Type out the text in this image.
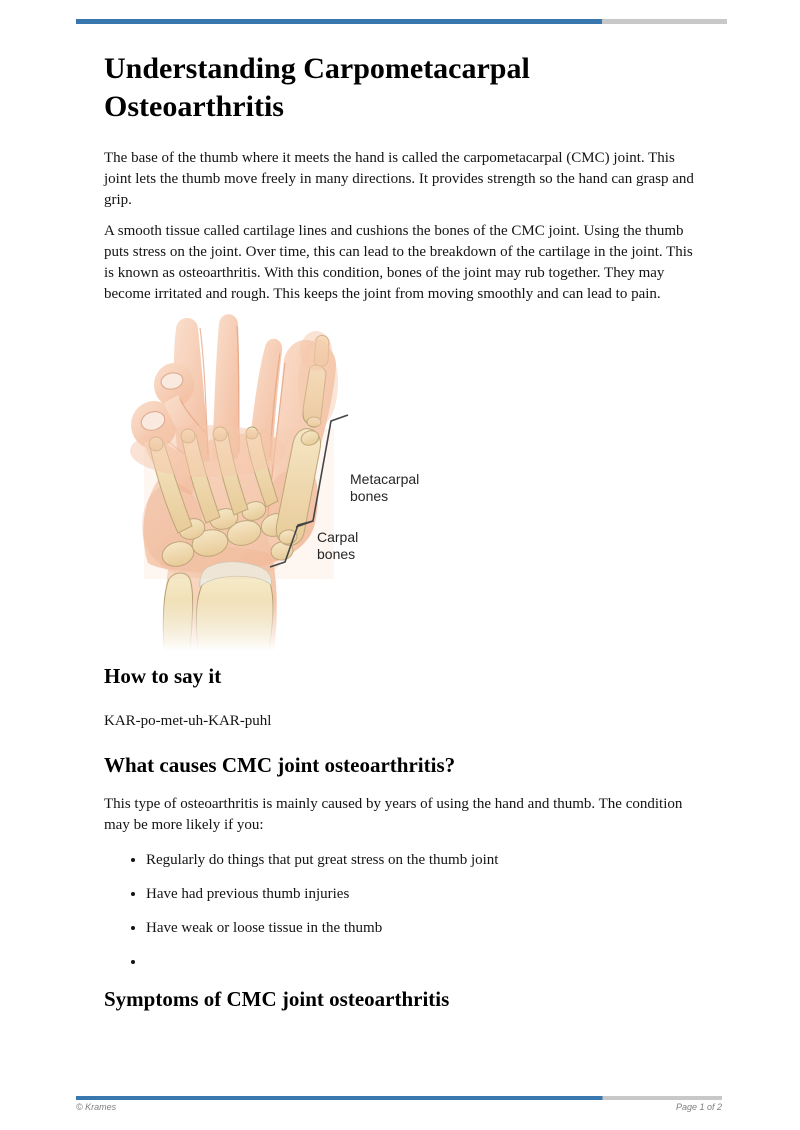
Understanding Carpometacarpal Osteoarthritis

The base of the thumb where it meets the hand is called the carpometacarpal (CMC) joint. This joint lets the thumb move freely in many directions. It provides strength so the hand can grasp and grip.

A smooth tissue called cartilage lines and cushions the bones of the CMC joint. Using the thumb puts stress on the joint. Over time, this can lead to the breakdown of the cartilage in the joint. This is known as osteoarthritis. With this condition, bones of the joint may rub together. They may become irritated and rough. This keeps the joint from moving smoothly and can lead to pain.

Metacarpal bones
Carpal bones
How to say it

KAR-po-met-uh-KAR-puhl

What causes CMC joint osteoarthritis?

This type of osteoarthritis is mainly caused by years of using the hand and thumb. The condition may be more likely if you:

• Regularly do things that put great stress on the thumb joint
• Have had previous thumb injuries
• Have weak or loose tissue in the thumb
•
Symptoms of CMC joint osteoarthritis
© Krames	Page 1 of 2
